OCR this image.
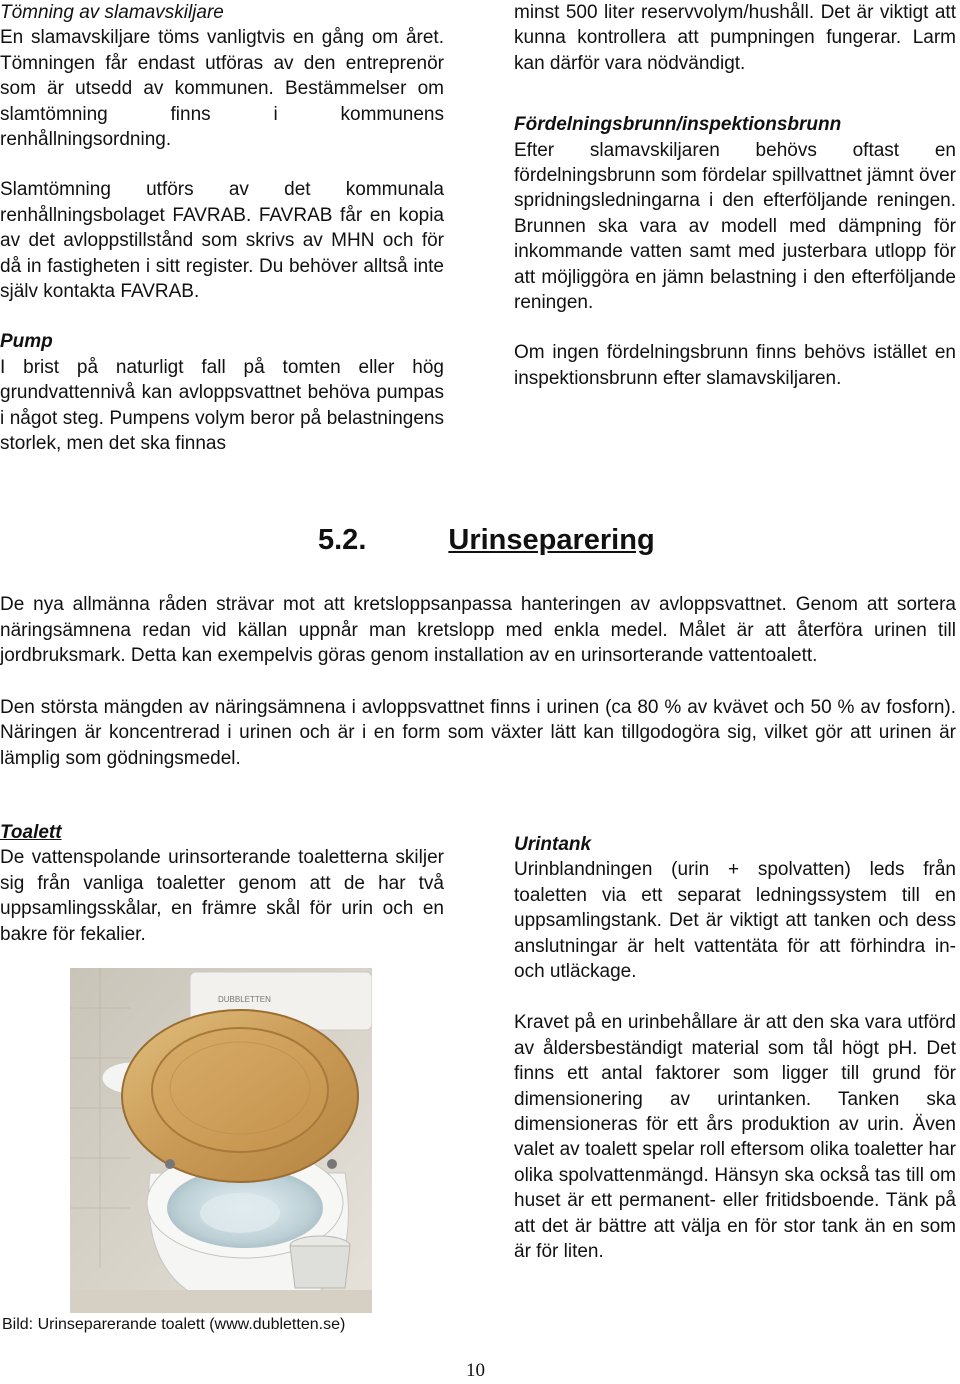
Tömning av slamavskiljare

En slamavskiljare töms vanligtvis en gång om året. Tömningen får endast utföras av den entreprenör som är utsedd av kommunen. Bestämmelser om slamtömning finns i kommunens renhållningsordning.

Slamtömning utförs av det kommunala renhållningsbolaget FAVRAB. FAVRAB får en kopia av det avloppstillstånd som skrivs av MHN och för då in fastigheten i sitt register. Du behöver alltså inte själv kontakta FAVRAB.

Pump

I brist på naturligt fall på tomten eller hög grundvattennivå kan avloppsvattnet behöva pumpas i något steg. Pumpens volym beror på belastningens storlek, men det ska finnas

minst 500 liter reservvolym/hushåll. Det är viktigt att kunna kontrollera att pumpningen fungerar. Larm kan därför vara nödvändigt.

Fördelningsbrunn/inspektionsbrunn

Efter slamavskiljaren behövs oftast en fördelningsbrunn som fördelar spillvattnet jämnt över spridningsledningarna i den efterföljande reningen. Brunnen ska vara av modell med dämpning för inkommande vatten samt med justerbara utlopp för att möjliggöra en jämn belastning i den efterföljande reningen.

Om ingen fördelningsbrunn finns behövs istället en inspektionsbrunn efter slamavskiljaren.

5.2.	Urinseparering

De nya allmänna råden strävar mot att kretsloppsanpassa hanteringen av avloppsvattnet. Genom att sortera näringsämnena redan vid källan uppnår man kretslopp med enkla medel. Målet är att återföra urinen till jordbruksmark. Detta kan exempelvis göras genom installation av en urinsorterande vattentoalett.

Den största mängden av näringsämnena i avloppsvattnet finns i urinen (ca 80 % av kvävet och 50 % av fosforn). Näringen är koncentrerad i urinen och är i en form som växter lätt kan tillgodogöra sig, vilket gör att urinen är lämplig som gödningsmedel.

Toalett

De vattenspolande urinsorterande toaletterna skiljer sig från vanliga toaletter genom att de har två uppsamlingsskålar, en främre skål för urin och en bakre för fekalier.

DUBBLETTEN
Bild: Urinseparerande toalett (www.dubletten.se)

Urintank

Urinblandningen (urin + spolvatten) leds från toaletten via ett separat ledningssystem till en uppsamlingstank. Det är viktigt att tanken och dess anslutningar är helt vattentäta för att förhindra in- och utläckage.

Kravet på en urinbehållare är att den ska vara utförd av åldersbeständigt material som tål högt pH. Det finns ett antal faktorer som ligger till grund för dimensionering av urintanken. Tanken ska dimensioneras för ett års produktion av urin. Även valet av toalett spelar roll eftersom olika toaletter har olika spolvattenmängd. Hänsyn ska också tas till om huset är ett permanent- eller fritidsboende. Tänk på att det är bättre att välja en för stor tank än en som är för liten.

10
